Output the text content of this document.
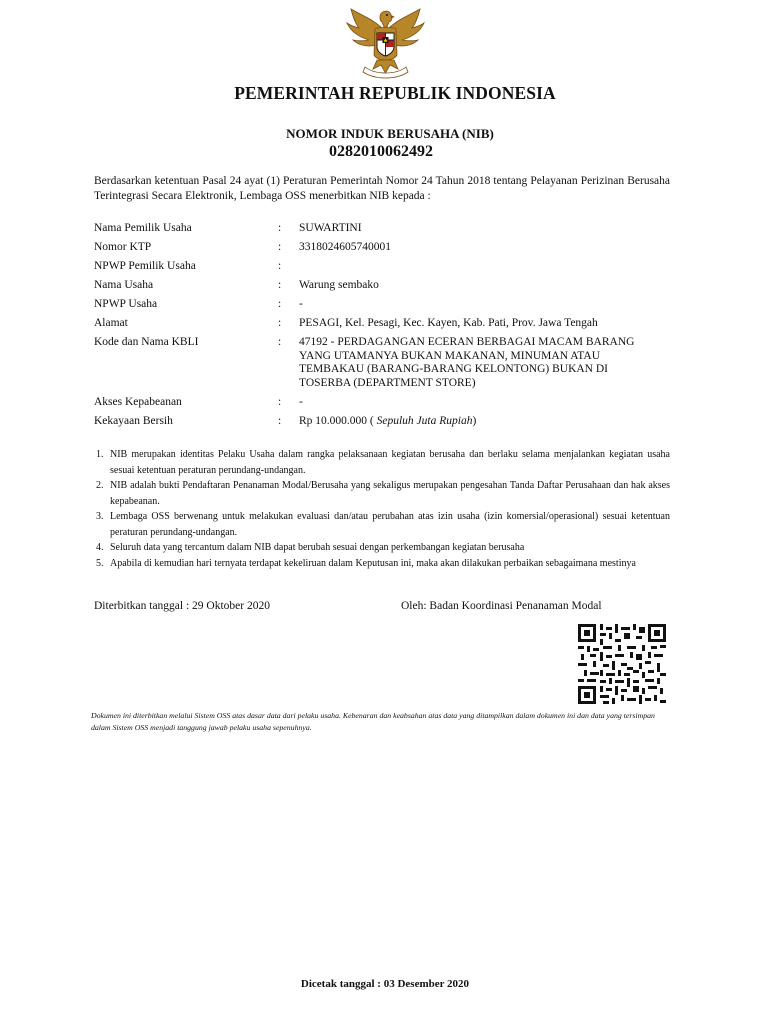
PEMERINTAH REPUBLIK INDONESIA
NOMOR INDUK BERUSAHA (NIB)
0282010062492
Berdasarkan ketentuan Pasal 24 ayat (1) Peraturan Pemerintah Nomor 24 Tahun 2018 tentang Pelayanan Perizinan Berusaha Terintegrasi Secara Elektronik, Lembaga OSS menerbitkan NIB kepada :
Nama Pemilik Usaha	:	SUWARTINI
Nomor KTP	:	3318024605740001
NPWP Pemilik Usaha	:
Nama Usaha	:	Warung sembako
NPWP Usaha	:	-
Alamat	:	PESAGI, Kel. Pesagi, Kec. Kayen, Kab. Pati, Prov. Jawa Tengah
Kode dan Nama KBLI	:	47192 - PERDAGANGAN ECERAN BERBAGAI MACAM BARANG
YANG UTAMANYA BUKAN MAKANAN, MINUMAN ATAU
TEMBAKAU (BARANG-BARANG KELONTONG) BUKAN DI
TOSERBA (DEPARTMENT STORE)
Akses Kepabeanan	:	-
Kekayaan Bersih	:	Rp 10.000.000 ( Sepuluh Juta Rupiah)
1. NIB merupakan identitas Pelaku Usaha dalam rangka pelaksanaan kegiatan berusaha dan berlaku selama menjalankan kegiatan usaha sesuai ketentuan peraturan perundang-undangan.
2. NIB adalah bukti Pendaftaran Penanaman Modal/Berusaha yang sekaligus merupakan pengesahan Tanda Daftar Perusahaan dan hak akses kepabeanan.
3. Lembaga OSS berwenang untuk melakukan evaluasi dan/atau perubahan atas izin usaha (izin komersial/operasional) sesuai ketentuan peraturan perundang-undangan.
4. Seluruh data yang tercantum dalam NIB dapat berubah sesuai dengan perkembangan kegiatan berusaha
5. Apabila di kemudian hari ternyata terdapat kekeliruan dalam Keputusan ini, maka akan dilakukan perbaikan sebagaimana mestinya
Diterbitkan tanggal : 29 Oktober 2020	Oleh: Badan Koordinasi Penanaman Modal
Dokumen ini diterbitkan melalui Sistem OSS atas dasar data dari pelaku usaha. Kebenaran dan keabsahan atas data yang ditampilkan dalam dokumen ini dan data yang tersimpan dalam Sistem OSS menjadi tanggung jawab pelaku usaha sepenuhnya.
Dicetak tanggal : 03 Desember 2020
